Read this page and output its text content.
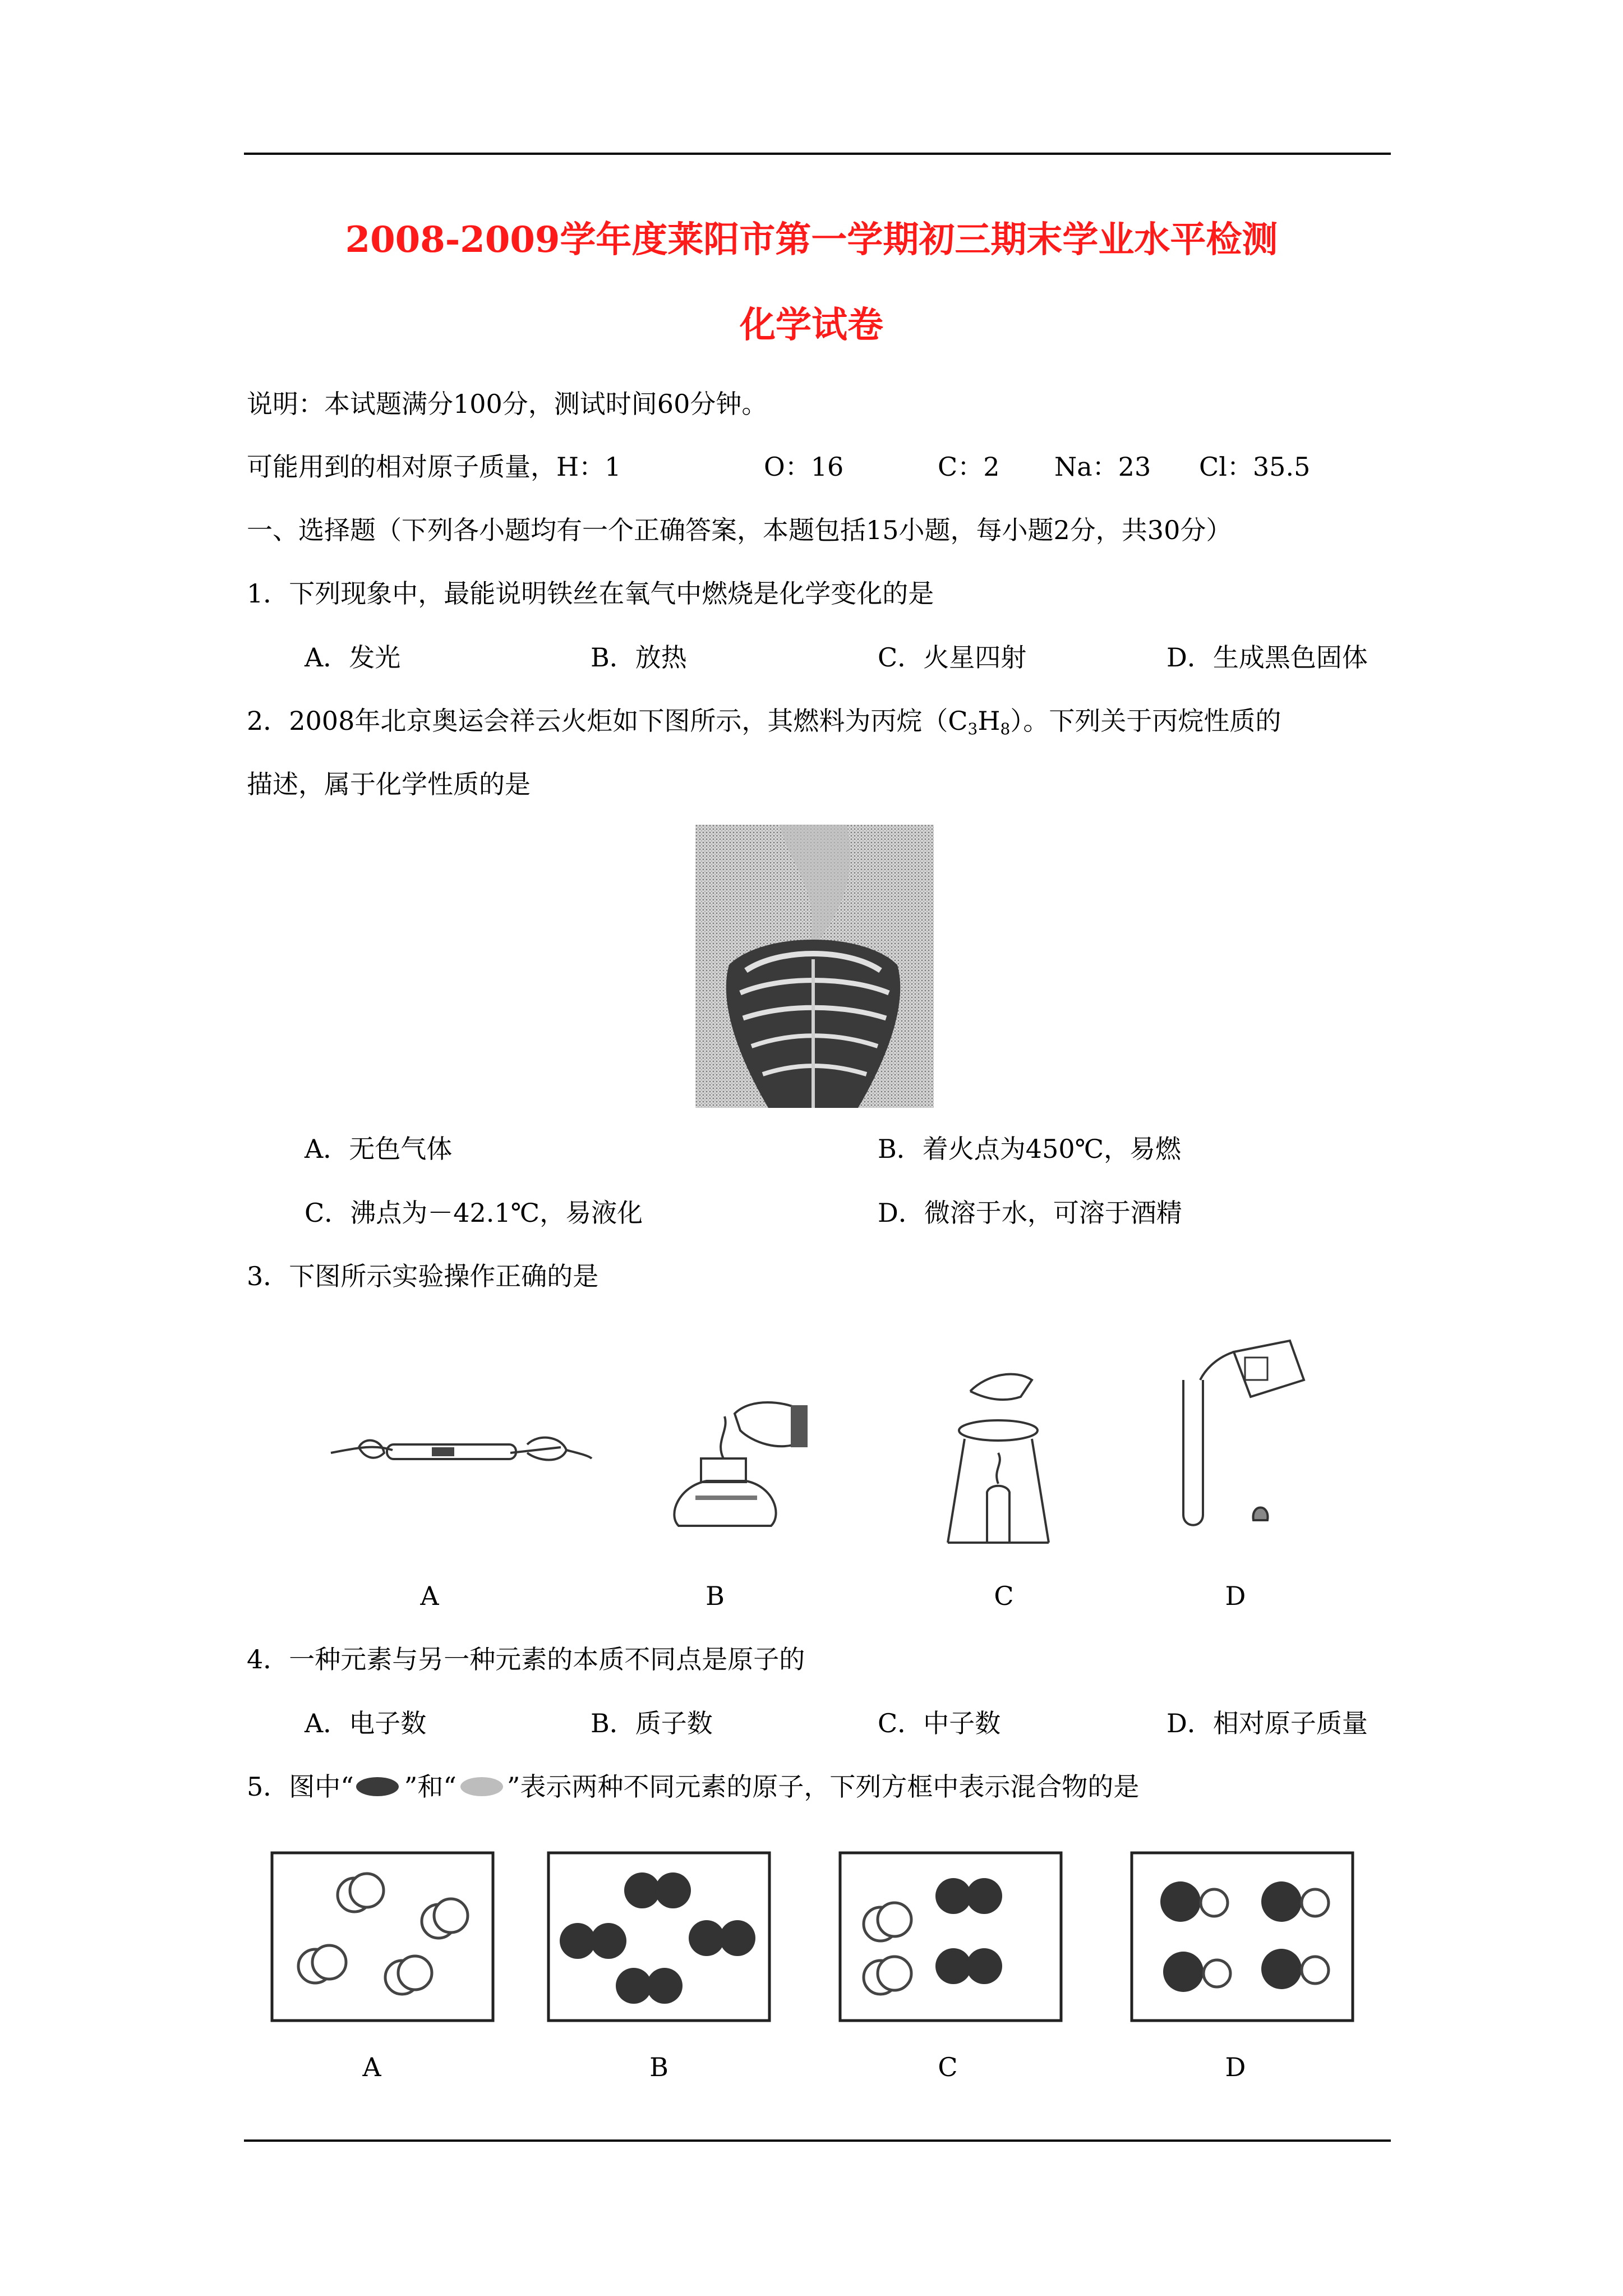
2008-2009学年度莱阳市第一学期初三期末学业水平检测
化学试卷
说明：本试题满分100分，测试时间60分钟。
可能用到的相对原子质量，H：1	O：16	C：2 Na：23 Cl：35.5
一、选择题（下列各小题均有一个正确答案，本题包括15小题，每小题2分，共30分）
1．下列现象中，最能说明铁丝在氧气中燃烧是化学变化的是
A．发光	B．放热	C．火星四射	D．生成黑色固体
2．2008年北京奥运会祥云火炬如下图所示，其燃料为丙烷$(C_3H_8)$。下列关于丙烷性质的
描述，属于化学性质的是
A．无色气体	B．着火点为450℃，易燃
C．沸点为－42.1℃，易液化	D．微溶于水，可溶于酒精
3．下图所示实验操作正确的是
A	B	C	D
4．一种元素与另一种元素的本质不同点是原子的
A．电子数	B．质子数	C．中子数	D．相对原子质量
5．图中“ ”和“ ”表示两种不同元素的原子，下列方框中表示混合物的是
A	B	C	D
